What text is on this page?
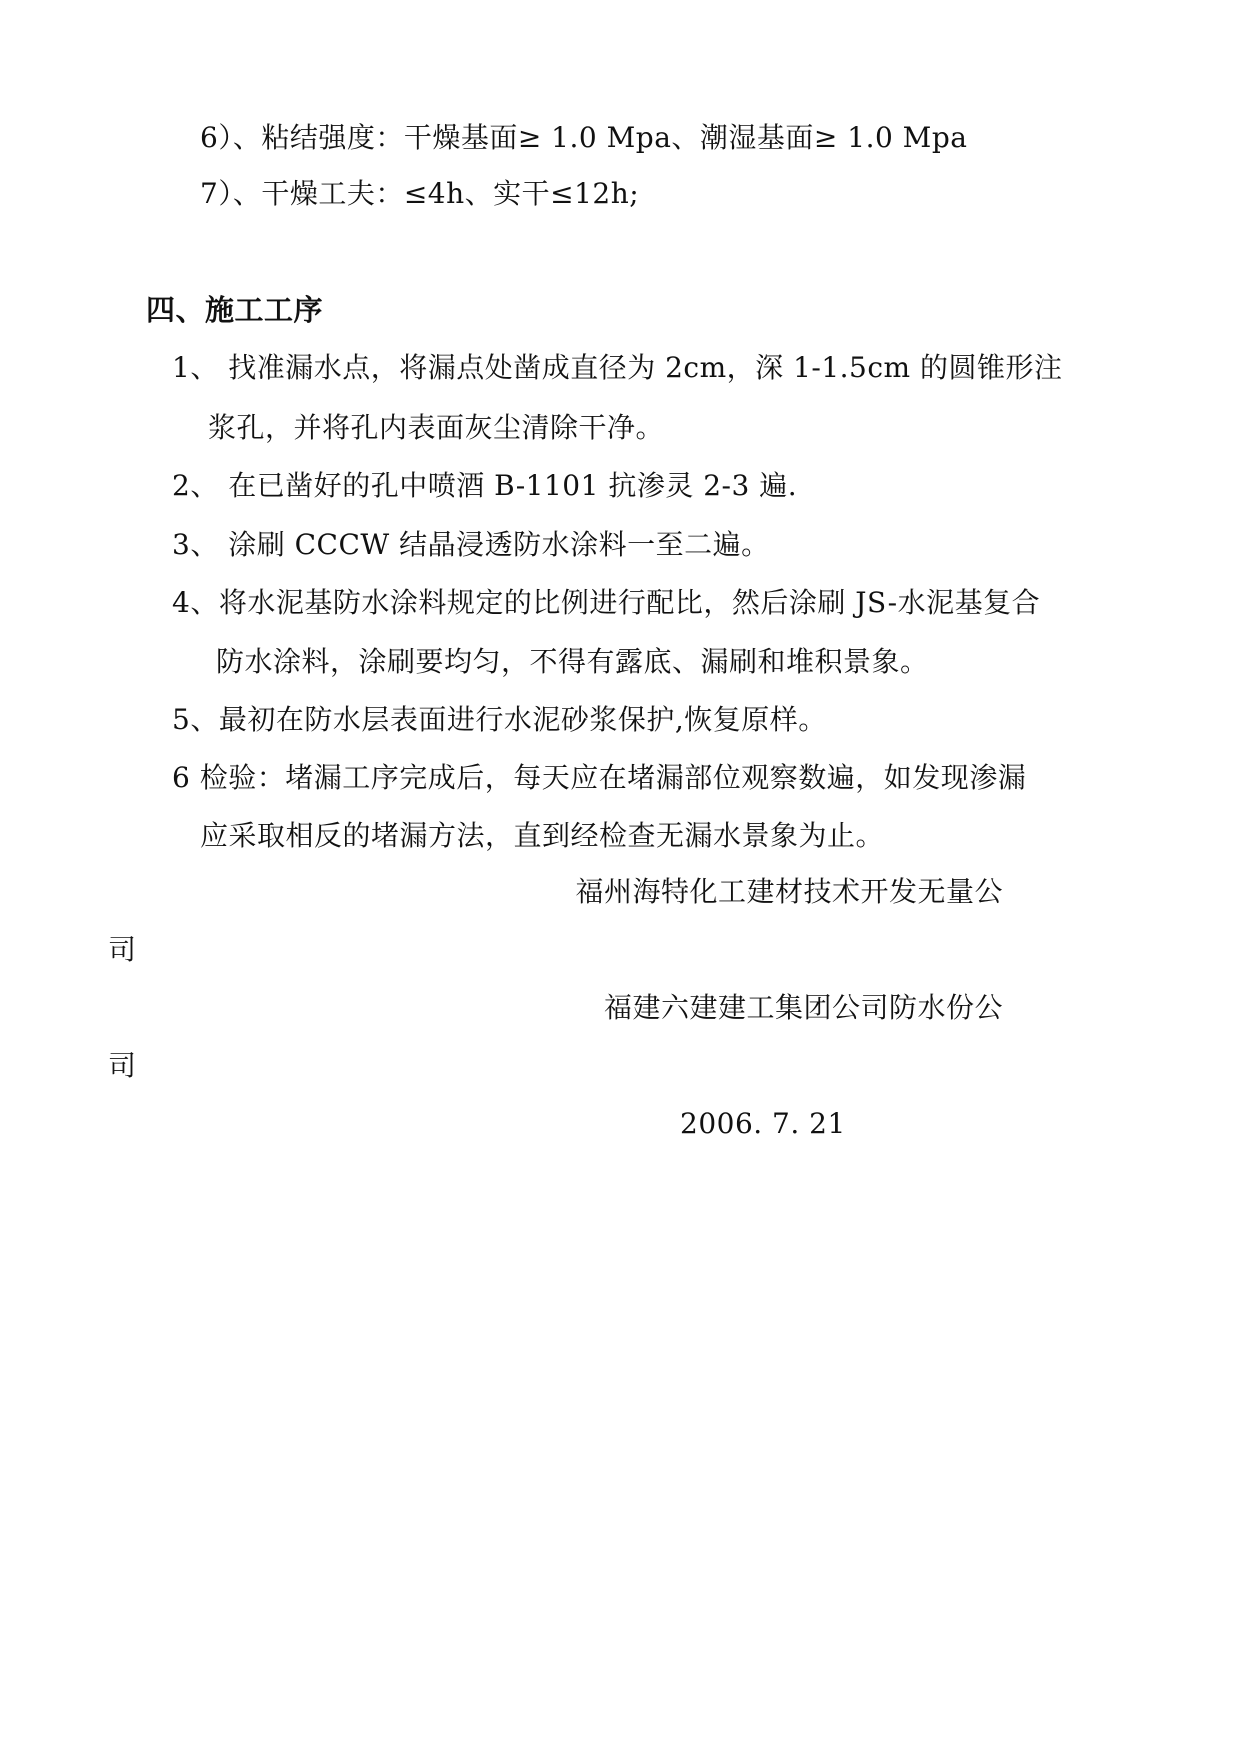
6）、粘结强度：干燥基面≥ 1.0 Mpa、潮湿基面≥ 1.0 Mpa
7）、干燥工夫：≤4h、实干≤12h;
四、施工工序
1、 找准漏水点，将漏点处凿成直径为 2cm，深 1-1.5cm 的圆锥形注
浆孔，并将孔内表面灰尘清除干净。
2、 在已凿好的孔中喷酒 B-1101 抗渗灵 2-3 遍.
3、 涂刷 CCCW 结晶浸透防水涂料一至二遍。
4、将水泥基防水涂料规定的比例进行配比，然后涂刷 JS-水泥基复合
防水涂料，涂刷要均匀，不得有露底、漏刷和堆积景象。
5、最初在防水层表面进行水泥砂浆保护,恢复原样。
6 检验：堵漏工序完成后，每天应在堵漏部位观察数遍，如发现渗漏
应采取相反的堵漏方法，直到经检查无漏水景象为止。
福州海特化工建材技术开发无量公
司
福建六建建工集团公司防水份公
司
2006. 7. 21
